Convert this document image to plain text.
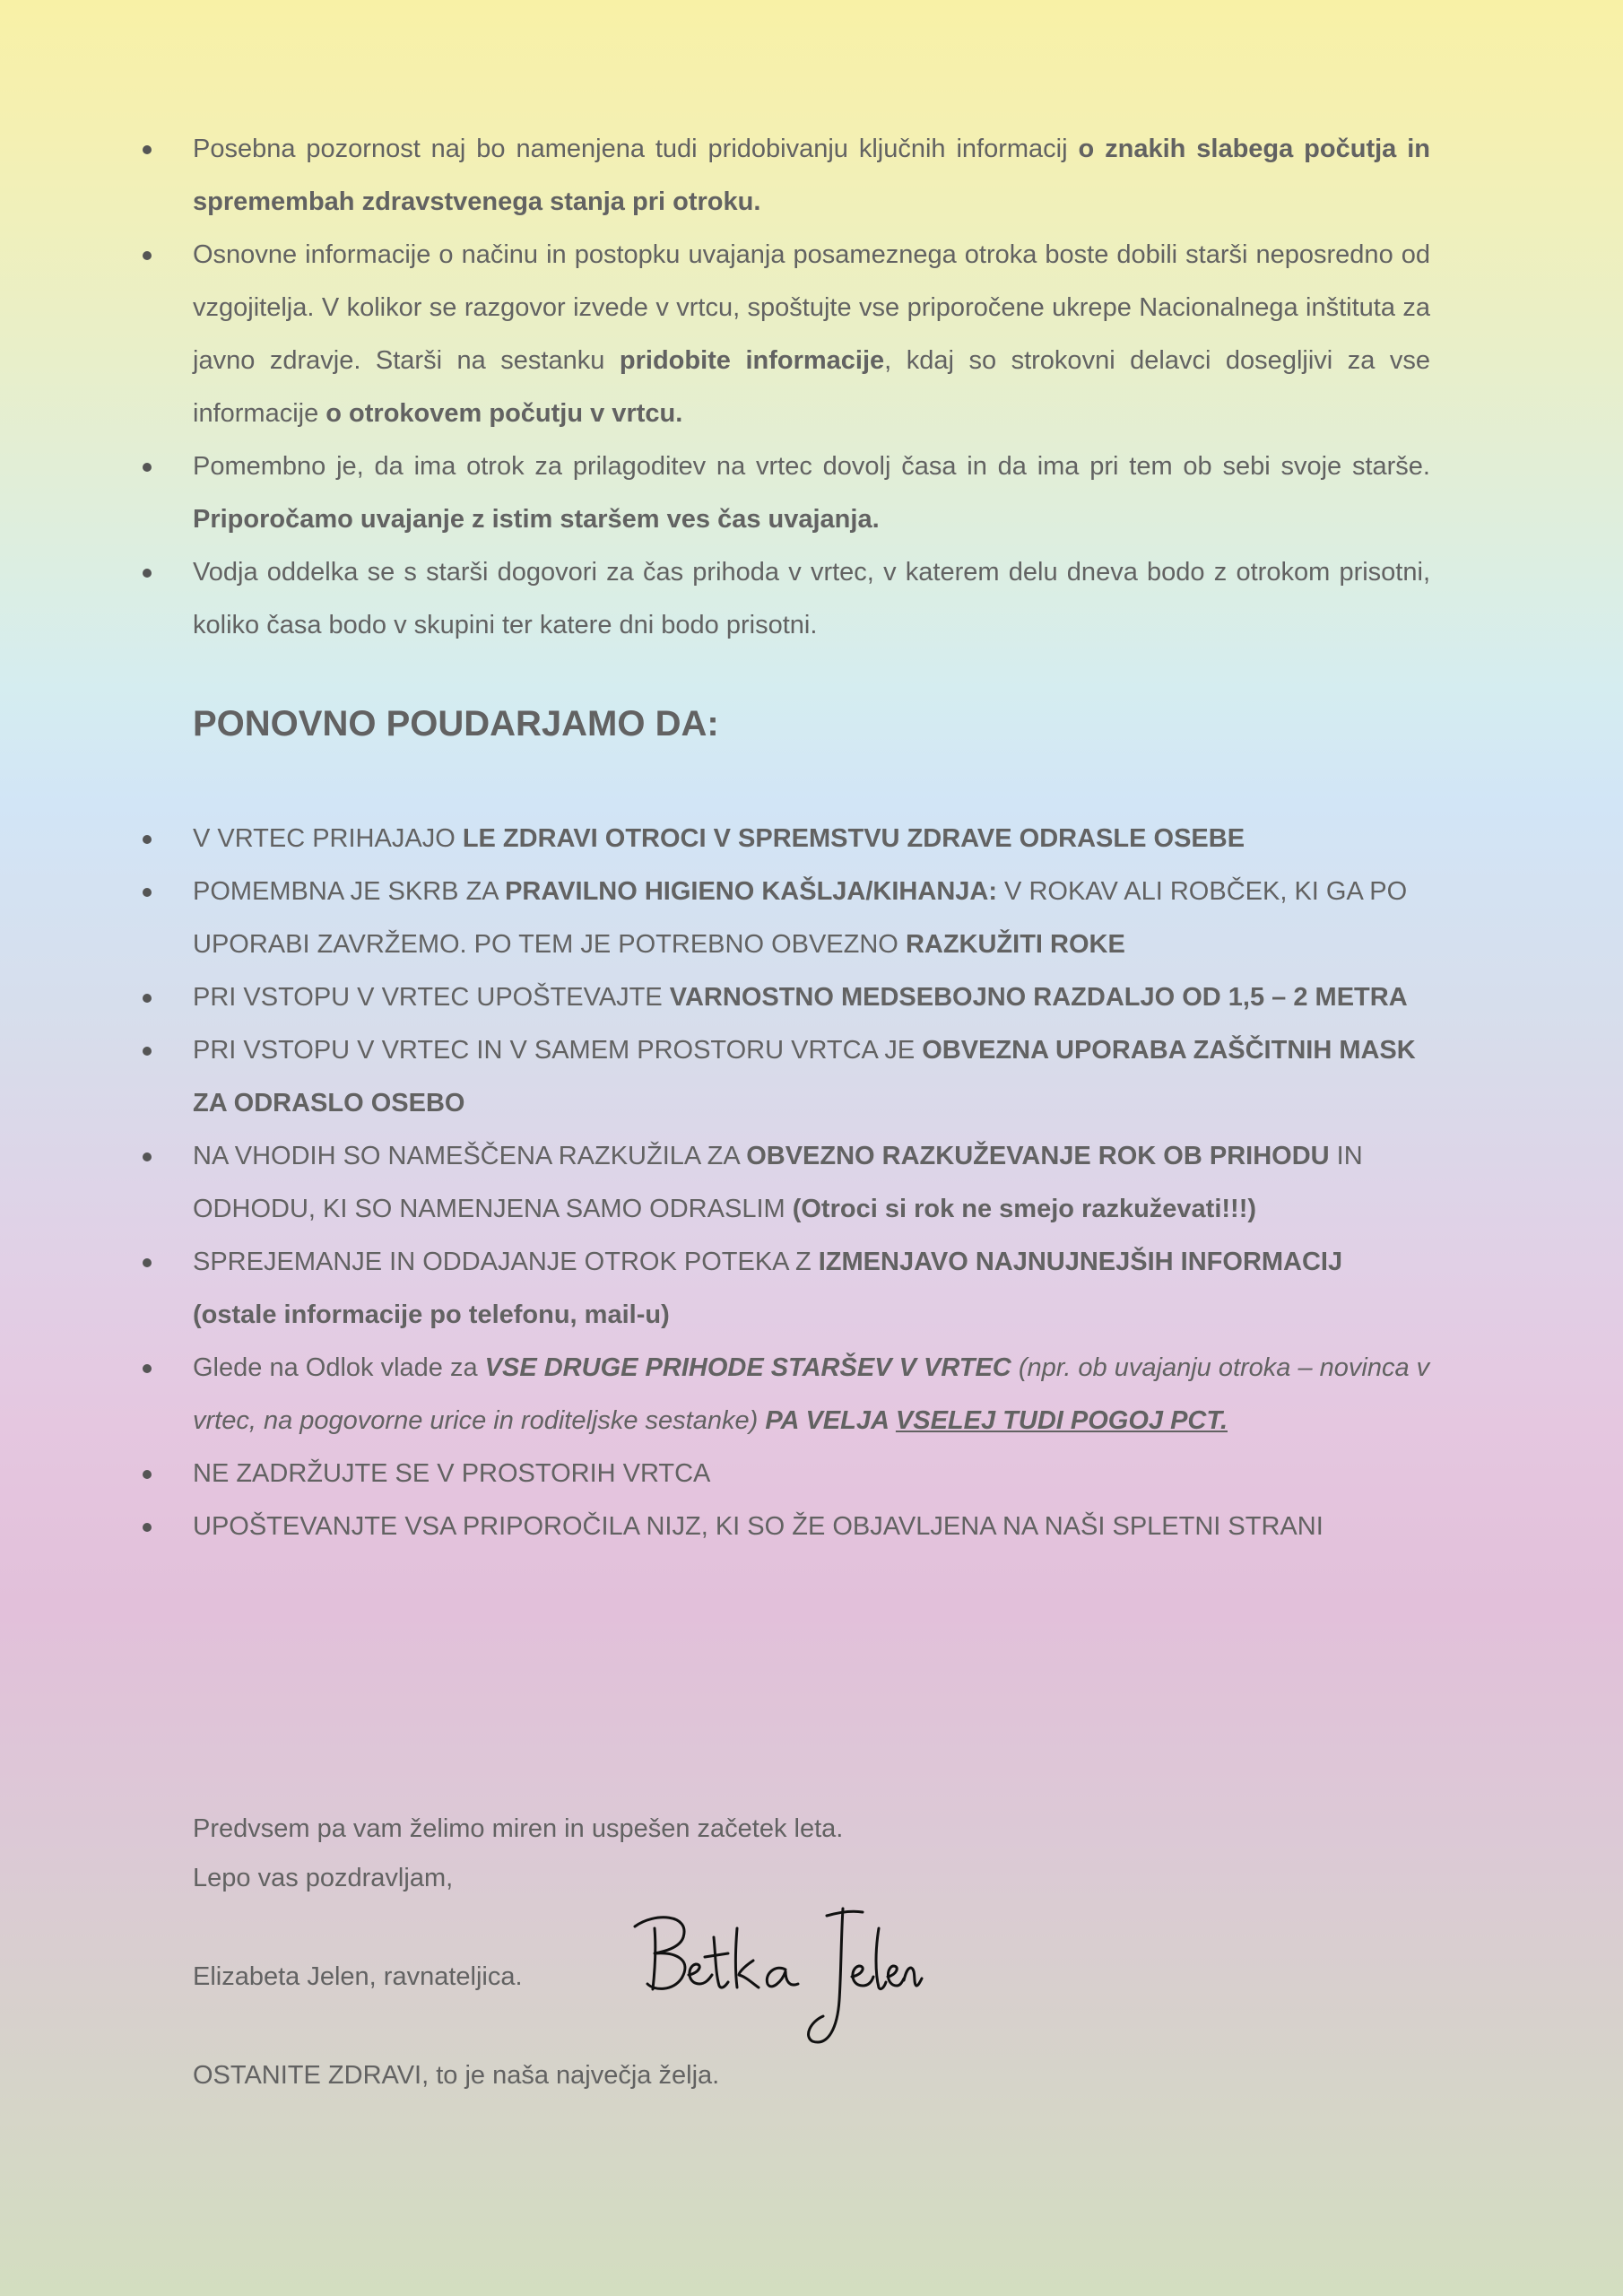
Posebna pozornost naj bo namenjena tudi pridobivanju ključnih informacij o znakih slabega počutja in spremembah zdravstvenega stanja pri otroku.
Osnovne informacije o načinu in postopku uvajanja posameznega otroka boste dobili starši neposredno od vzgojitelja. V kolikor se razgovor izvede v vrtcu, spoštujte vse priporočene ukrepe Nacionalnega inštituta za javno zdravje. Starši na sestanku pridobite informacije, kdaj so strokovni delavci dosegljivi za vse informacije o otrokovem počutju v vrtcu.
Pomembno je, da ima otrok za prilagoditev na vrtec dovolj časa in da ima pri tem ob sebi svoje starše. Priporočamo uvajanje z istim staršem ves čas uvajanja.
Vodja oddelka se s starši dogovori za čas prihoda v vrtec, v katerem delu dneva bodo z otrokom prisotni, koliko časa bodo v skupini ter katere dni bodo prisotni.
PONOVNO POUDARJAMO DA:
V VRTEC PRIHAJAJO LE ZDRAVI OTROCI V SPREMSTVU ZDRAVE ODRASLE OSEBE
POMEMBNA JE SKRB ZA PRAVILNO HIGIENO KAŠLJA/KIHANJA: V ROKAV ALI ROBČEK, KI GA PO UPORABI ZAVRŽEMO. PO TEM JE POTREBNO OBVEZNO RAZKUŽITI ROKE
PRI VSTOPU V VRTEC UPOŠTEVAJTE VARNOSTNO MEDSEBOJNO RAZDALJO OD 1,5 – 2 METRA
PRI VSTOPU V VRTEC IN V SAMEM PROSTORU VRTCA JE OBVEZNA UPORABA ZAŠČITNIH MASK ZA ODRASLO OSEBO
NA VHODIH SO NAMEŠČENA RAZKUŽILA ZA OBVEZNO RAZKUŽEVANJE ROK OB PRIHODU IN ODHODU, KI SO NAMENJENA SAMO ODRASLIM (Otroci si rok ne smejo razkuževati!!!)
SPREJEMANJE IN ODDAJANJE OTROK POTEKA Z IZMENJAVO NAJNUJNEJŠIH INFORMACIJ (ostale informacije po telefonu, mail-u)
Glede na Odlok vlade za VSE DRUGE PRIHODE STARŠEV V VRTEC (npr. ob uvajanju otroka – novinca v vrtec, na pogovorne urice in roditeljske sestanke) PA VELJA VSELEJ TUDI POGOJ PCT.
NE ZADRŽUJTE SE V PROSTORIH VRTCA
UPOŠTEVANJTE VSA PRIPOROČILA NIJZ, KI SO ŽE OBJAVLJENA NA NAŠI SPLETNI STRANI

Predvsem pa vam želimo miren in uspešen začetek leta.

Lepo vas pozdravljam,

Elizabeta Jelen, ravnateljica.

OSTANITE ZDRAVI, to je naša največja želja.
